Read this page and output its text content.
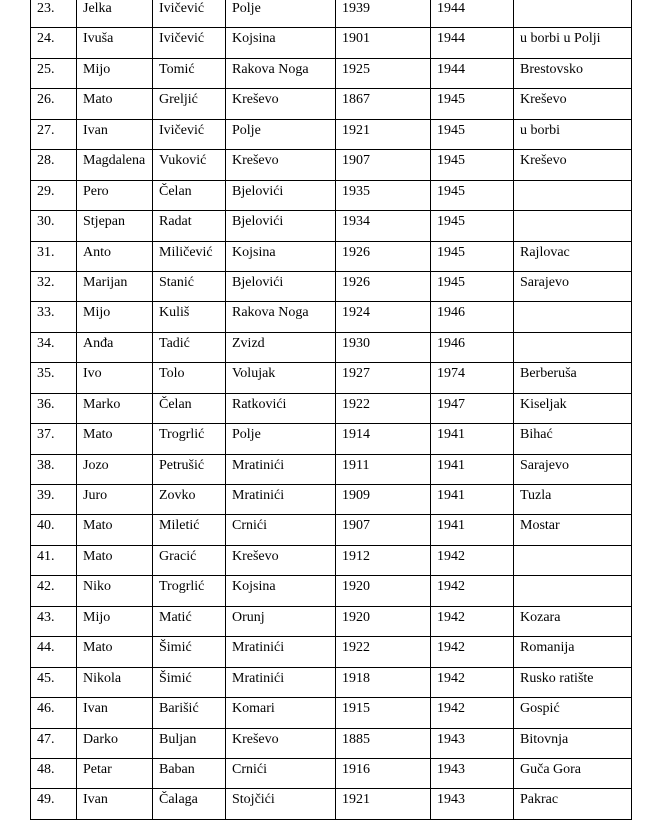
23.	Jelka	Ivičević	Polje	1939	1944	
24.	Ivuša	Ivičević	Kojsina	1901	1944	u borbi u Polji
25.	Mijo	Tomić	Rakova Noga	1925	1944	Brestovsko
26.	Mato	Greljić	Kreševo	1867	1945	Kreševo
27.	Ivan	Ivičević	Polje	1921	1945	u borbi
28.	Magdalena	Vuković	Kreševo	1907	1945	Kreševo
29.	Pero	Čelan	Bjelovići	1935	1945	
30.	Stjepan	Radat	Bjelovići	1934	1945	
31.	Anto	Miličević	Kojsina	1926	1945	Rajlovac
32.	Marijan	Stanić	Bjelovići	1926	1945	Sarajevo
33.	Mijo	Kuliš	Rakova Noga	1924	1946	
34.	Anđa	Tadić	Zvizd	1930	1946	
35.	Ivo	Tolo	Volujak	1927	1974	Berberuša
36.	Marko	Čelan	Ratkovići	1922	1947	Kiseljak
37.	Mato	Trogrlić	Polje	1914	1941	Bihać
38.	Jozo	Petrušić	Mratinići	1911	1941	Sarajevo
39.	Juro	Zovko	Mratinići	1909	1941	Tuzla
40.	Mato	Miletić	Crnići	1907	1941	Mostar
41.	Mato	Gracić	Kreševo	1912	1942	
42.	Niko	Trogrlić	Kojsina	1920	1942	
43.	Mijo	Matić	Orunj	1920	1942	Kozara
44.	Mato	Šimić	Mratinići	1922	1942	Romanija
45.	Nikola	Šimić	Mratinići	1918	1942	Rusko ratište
46.	Ivan	Barišić	Komari	1915	1942	Gospić
47.	Darko	Buljan	Kreševo	1885	1943	Bitovnja
48.	Petar	Baban	Crnići	1916	1943	Guča Gora
49.	Ivan	Čalaga	Stojčići	1921	1943	Pakrac
